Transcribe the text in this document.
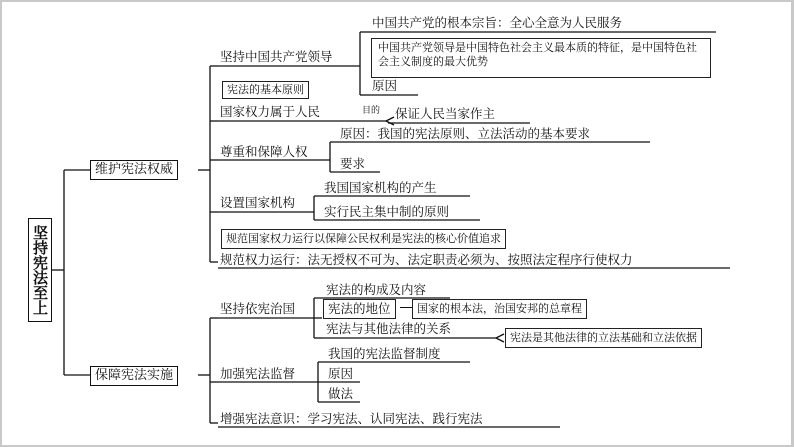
坚持宪法至上
维护宪法权威
坚持中国共产党领导
中国共产党的根本宗旨：全心全意为人民服务
中国共产党领导是中国特色社会主义最本质的特征，是中国特色社会主义制度的最大优势
原因
宪法的基本原则
国家权力属于人民	目的 保证人民当家作主
尊重和保障人权
原因：我国的宪法原则、立法活动的基本要求
要求
设置国家机构
我国国家机构的产生
实行民主集中制的原则
规范国家权力运行以保障公民权利是宪法的核心价值追求
规范权力运行：法无授权不可为、法定职责必须为、按照法定程序行使权力
保障宪法实施
坚持依宪治国
宪法的构成及内容
宪法的地位	国家的根本法，治国安邦的总章程
宪法与其他法律的关系
宪法是其他法律的立法基础和立法依据
加强宪法监督
我国的宪法监督制度
原因
做法
增强宪法意识：学习宪法、认同宪法、践行宪法
